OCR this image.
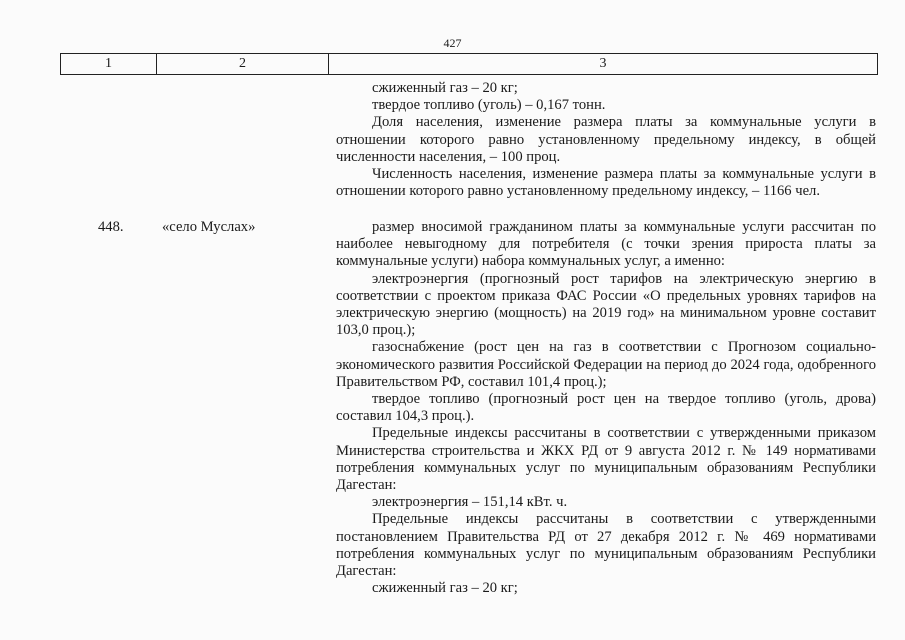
427
1	2	3

сжиженный газ – 20 кг;

твердое топливо (уголь) – 0,167 тонн.

Доля населения, изменение размера платы за коммунальные услуги в отношении которого равно установленному предельному индексу, в общей численности населения, – 100 проц.

Численность населения, изменение размера платы за коммунальные услуги в отношении которого равно установленному предельному индексу, – 1166 чел.

448.	«село Муслах»	размер вносимой гражданином платы за коммунальные услуги рассчитан по наиболее невыгодному для потребителя (с точки зрения прироста платы за коммунальные услуги) набора коммунальных услуг, а именно:

электроэнергия (прогнозный рост тарифов на электрическую энергию в соответствии с проектом приказа ФАС России «О предельных уровнях тарифов на электрическую энергию (мощность) на 2019 год» на минимальном уровне составит 103,0 проц.);

газоснабжение (рост цен на газ в соответствии с Прогнозом социально-экономического развития Российской Федерации на период до 2024 года, одобренного Правительством РФ, составил 101,4 проц.);

твердое топливо (прогнозный рост цен на твердое топливо (уголь, дрова) составил 104,3 проц.).

Предельные индексы рассчитаны в соответствии с утвержденными приказом Министерства строительства и ЖКХ РД от 9 августа 2012 г. № 149 нормативами потребления коммунальных услуг по муниципальным образованиям Республики Дагестан:

электроэнергия – 151,14 кВт. ч.

Предельные индексы рассчитаны в соответствии с утвержденными постановлением Правительства РД от 27 декабря 2012 г. № 469 нормативами потребления коммунальных услуг по муниципальным образованиям Республики Дагестан:

сжиженный газ – 20 кг;
